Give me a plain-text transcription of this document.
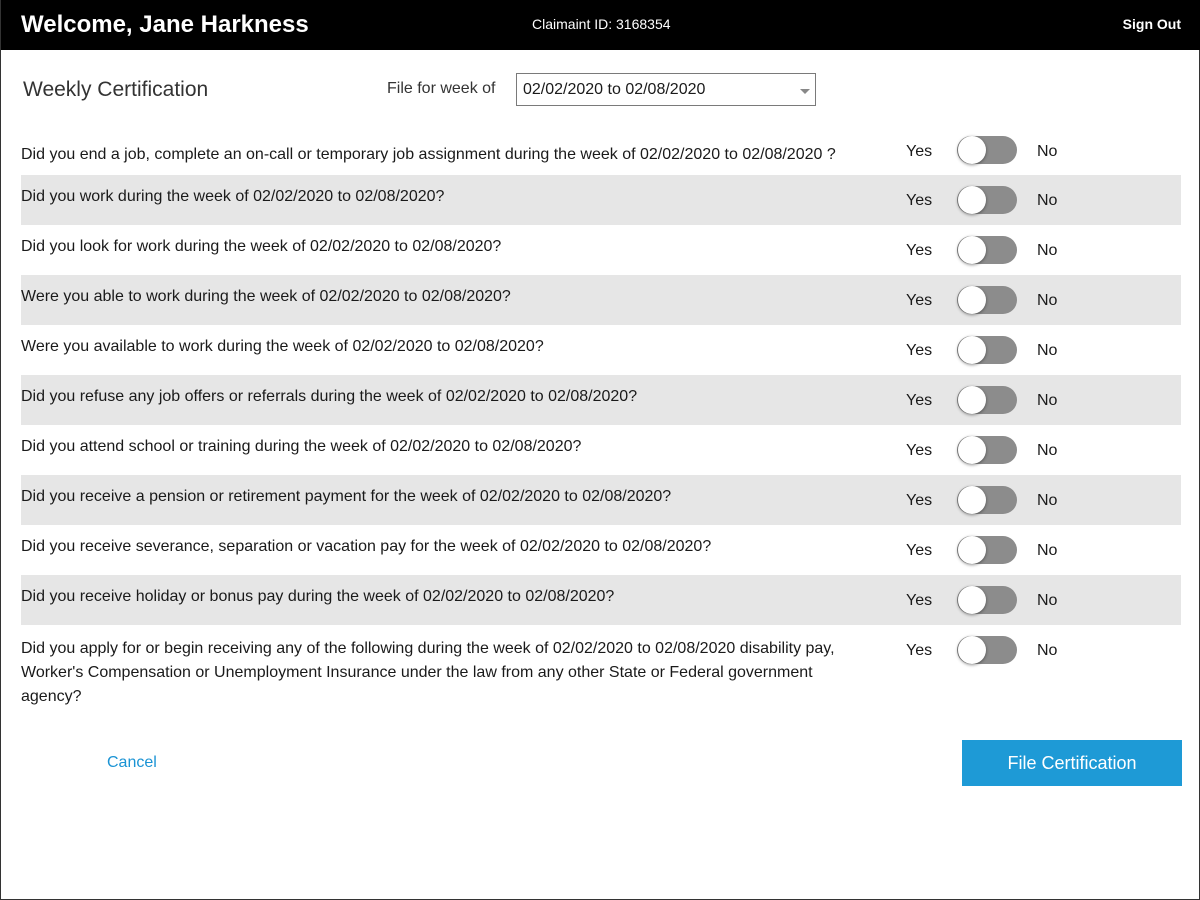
Welcome, Jane Harkness	Claimaint ID: 3168354	Sign Out
Weekly Certification	File for week of 02/02/2020 to 02/08/2020
Did you end a job, complete an on-call or temporary job assignment during the week of 02/02/2020 to 02/08/2020 ?	Yes	No
Did you work during the week of 02/02/2020 to 02/08/2020?	Yes	No
Did you look for work during the week of 02/02/2020 to 02/08/2020?	Yes	No
Were you able to work during the week of 02/02/2020 to 02/08/2020?	Yes	No
Were you available to work during the week of 02/02/2020 to 02/08/2020?	Yes	No
Did you refuse any job offers or referrals during the week of 02/02/2020 to 02/08/2020?	Yes	No
Did you attend school or training during the week of 02/02/2020 to 02/08/2020?	Yes	No
Did you receive a pension or retirement payment for the week of 02/02/2020 to 02/08/2020?	Yes	No
Did you receive severance, separation or vacation pay for the week of 02/02/2020 to 02/08/2020?	Yes	No
Did you receive holiday or bonus pay during the week of 02/02/2020 to 02/08/2020?	Yes	No
Did you apply for or begin receiving any of the following during the week of 02/02/2020 to 02/08/2020 disability pay, Worker's Compensation or Unemployment Insurance under the law from any other State or Federal government agency?
Yes	No
Cancel	File Certification
